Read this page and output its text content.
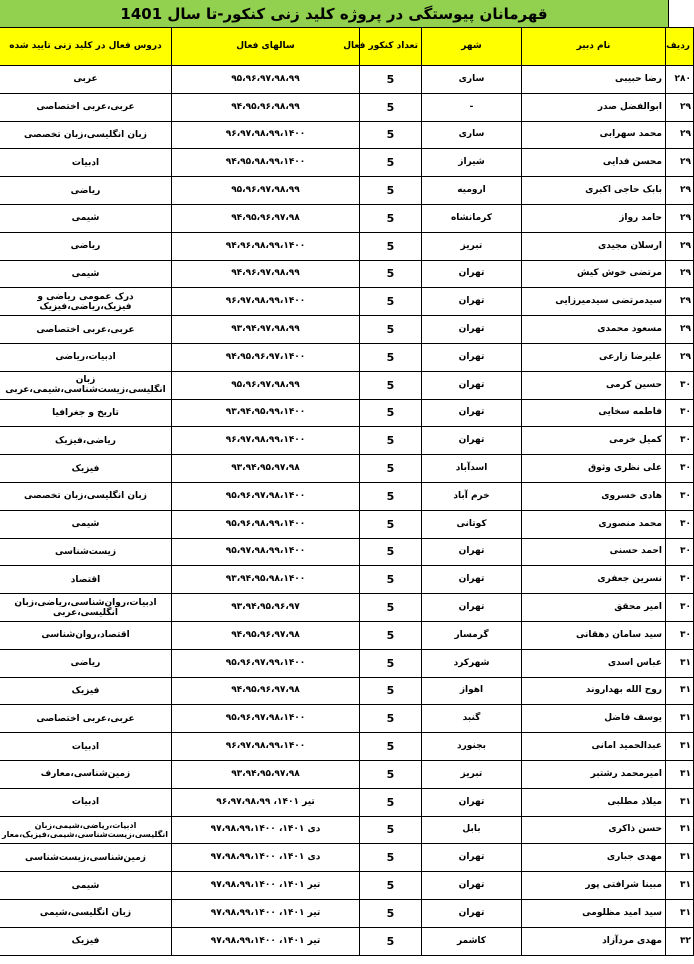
قهرمانان پیوستگی در پروژه کلید زنی کنکور-تا سال 1401
ردیف	نام دبیر	شهر	تعداد کنکور فعال	سالهای فعال	دروس فعال در کلید زنی تایید شده
۲۸۰	رضا حبیبی	ساری	5	۹۵،۹۶،۹۷،۹۸،۹۹	عربی
۲۹	ابوالفضل صدر	-	5	۹۴،۹۵،۹۶،۹۸،۹۹	عربی،عربی اختصاصی
۲۹	محمد سهرابی	ساری	5	۹۶،۹۷،۹۸،۹۹،۱۴۰۰	زبان انگلیسی،زبان تخصصی
۲۹	محسن فدایی	شیراز	5	۹۴،۹۵،۹۸،۹۹،۱۴۰۰	ادبیات
۲۹	بابک حاجی اکبری	ارومیه	5	۹۵،۹۶،۹۷،۹۸،۹۹	ریاضی
۲۹	حامد رواز	کرمانشاه	5	۹۴،۹۵،۹۶،۹۷،۹۸	شیمی
۲۹	ارسلان مجیدی	تبریز	5	۹۴،۹۶،۹۸،۹۹،۱۴۰۰	ریاضی
۲۹	مرتضی خوش کیش	تهران	5	۹۴،۹۶،۹۷،۹۸،۹۹	شیمی
۲۹	سیدمرتضی سیدمیرزایی	تهران	5	۹۶،۹۷،۹۸،۹۹،۱۴۰۰	درک عمومی ریاضی و فیزیک،ریاضی،فیزیک
۲۹	مسعود محمدی	تهران	5	۹۳،۹۴،۹۷،۹۸،۹۹	عربی،عربی اختصاصی
۲۹	علیرضا زارعی	تهران	5	۹۴،۹۵،۹۶،۹۷،۱۴۰۰	ادبیات،ریاضی
۳۰	حسین کرمی	تهران	5	۹۵،۹۶،۹۷،۹۸،۹۹	زبان انگلیسی،زیست‌شناسی،شیمی،عربی
۳۰	فاطمه سخایی	تهران	5	۹۳،۹۴،۹۵،۹۹،۱۴۰۰	تاریخ و جغرافیا
۳۰	کمیل خرمی	تهران	5	۹۶،۹۷،۹۸،۹۹،۱۴۰۰	ریاضی،فیزیک
۳۰	علی نظری وثوق	اسدآباد	5	۹۳،۹۴،۹۵،۹۷،۹۸	فیزیک
۳۰	هادی خسروی	خرم آباد	5	۹۵،۹۶،۹۷،۹۸،۱۴۰۰	زبان انگلیسی،زبان تخصصی
۳۰	محمد منصوری	کوتانی	5	۹۵،۹۶،۹۸،۹۹،۱۴۰۰	شیمی
۳۰	احمد حسنی	تهران	5	۹۵،۹۷،۹۸،۹۹،۱۴۰۰	زیست‌شناسی
۳۰	نسرین جعفری	تهران	5	۹۳،۹۴،۹۵،۹۸،۱۴۰۰	اقتصاد
۳۰	امیر محقق	تهران	5	۹۳،۹۴،۹۵،۹۶،۹۷	ادبیات،روان‌شناسی،ریاضی،زبان انگلیسی،عربی
۳۰	سید سامان دهقانی	گرمسار	5	۹۴،۹۵،۹۶،۹۷،۹۸	اقتصاد،روان‌شناسی
۳۱	عباس اسدی	شهرکرد	5	۹۵،۹۶،۹۷،۹۹،۱۴۰۰	ریاضی
۳۱	روح الله بهداروند	اهواز	5	۹۴،۹۵،۹۶،۹۷،۹۸	فیزیک
۳۱	یوسف فاضل	گنبد	5	۹۵،۹۶،۹۷،۹۸،۱۴۰۰	عربی،عربی اختصاصی
۳۱	عبدالحمید امانی	بجنورد	5	۹۶،۹۷،۹۸،۹۹،۱۴۰۰	ادبیات
۳۱	امیرمحمد رشتبر	تبریز	5	۹۳،۹۴،۹۵،۹۷،۹۸	زمین‌شناسی،معارف
۳۱	میلاد مطلبی	تهران	5	تیر ۱۴۰۱، ۹۶،۹۷،۹۸،۹۹	ادبیات
۳۱	حسن ذاکری	بابل	5	دی ۱۴۰۱، ۹۷،۹۸،۹۹،۱۴۰۰	ادبیات،ریاضی،شیمی،زبان انگلیسی،زیست‌شناسی،شیمی،فیزیک،معار
۳۱	مهدی جباری	تهران	5	دی ۱۴۰۱، ۹۷،۹۸،۹۹،۱۴۰۰	زمین‌شناسی،زیست‌شناسی
۳۱	مبینا شرافتی پور	تهران	5	تیر ۱۴۰۱، ۹۷،۹۸،۹۹،۱۴۰۰	شیمی
۳۱	سید امید مظلومی	تهران	5	تیر ۱۴۰۱، ۹۷،۹۸،۹۹،۱۴۰۰	زبان انگلیسی،شیمی
۳۲	مهدی مردآزاد	کاشمر	5	تیر ۱۴۰۱، ۹۷،۹۸،۹۹،۱۴۰۰	فیزیک
